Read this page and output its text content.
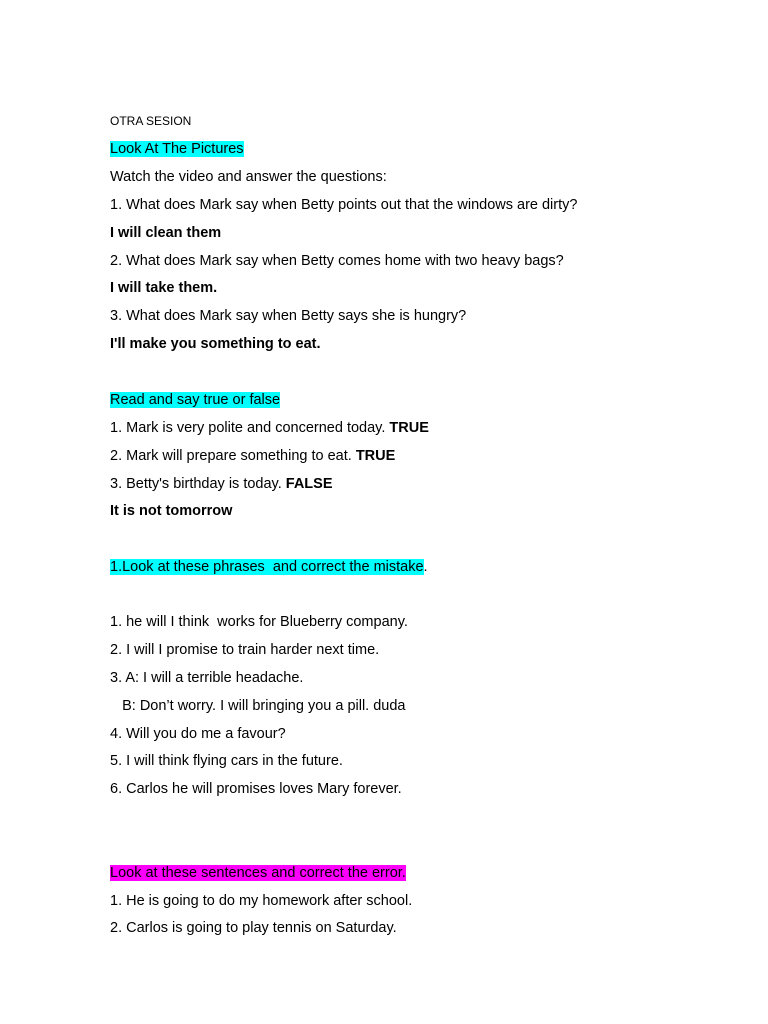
OTRA SESION
Look At The Pictures
Watch the video and answer the questions:
1. What does Mark say when Betty points out that the windows are dirty?
I will clean them
2. What does Mark say when Betty comes home with two heavy bags?
I will take them.
3. What does Mark say when Betty says she is hungry?
I'll make you something to eat.
Read and say true or false
1. Mark is very polite and concerned today. TRUE
2. Mark will prepare something to eat. TRUE
3. Betty's birthday is today. FALSE
It is not tomorrow
1.Look at these phrases  and correct the mistake.
1. he will I think  works for Blueberry company.
2. I will I promise to train harder next time.
3. A: I will a terrible headache.
B: Don’t worry. I will bringing you a pill. duda
4. Will you do me a favour?
5. I will think flying cars in the future.
6. Carlos he will promises loves Mary forever.
Look at these sentences and correct the error.
1. He is going to do my homework after school.
2. Carlos is going to play tennis on Saturday.
